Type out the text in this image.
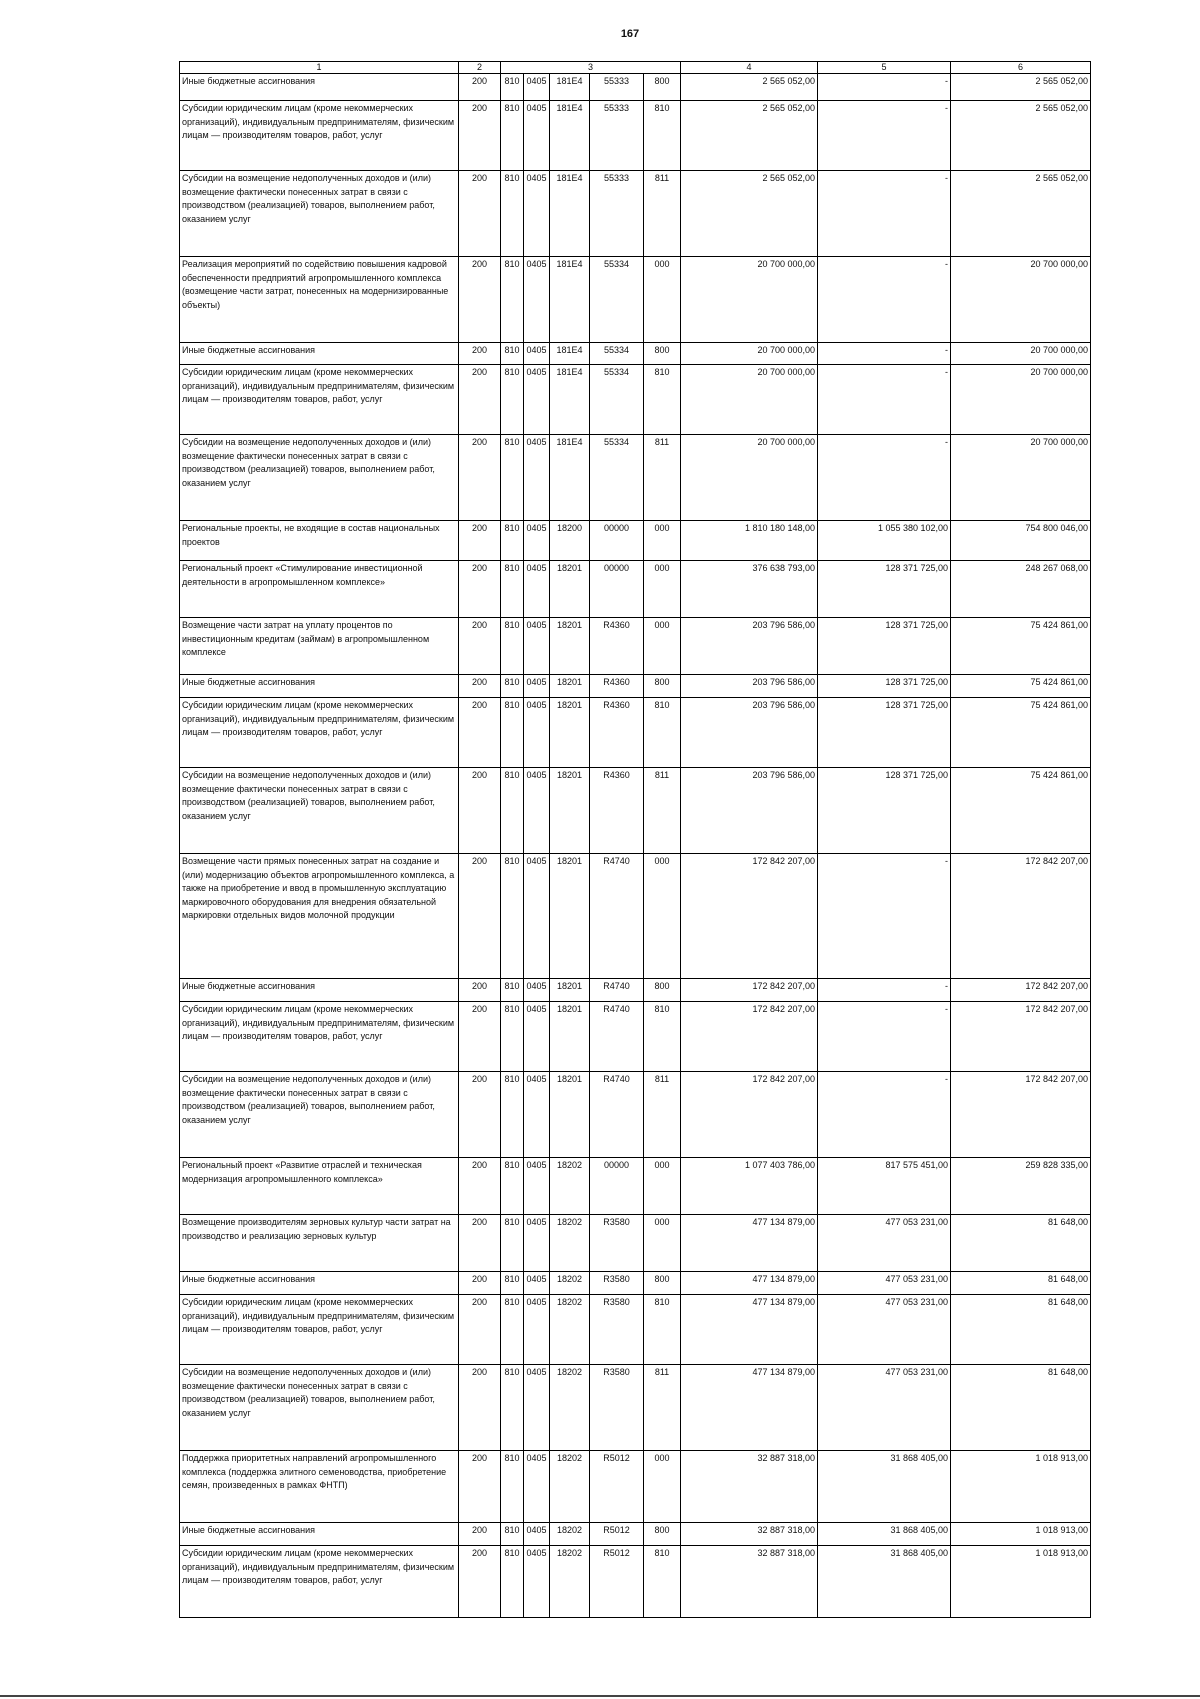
167
1	2	3					4	5	6
Иные бюджетные ассигнования	200	810	0405	181E4	55333	800	2 565 052,00	-	2 565 052,00
Субсидии юридическим лицам (кроме некоммерческих организаций), индивидуальным предпринимателям, физическим лицам — производителям товаров, работ, услуг	200	810	0405	181E4	55333	810	2 565 052,00	-	2 565 052,00
Субсидии на возмещение недополученных доходов и (или) возмещение фактически понесенных затрат в связи с производством (реализацией) товаров, выполнением работ, оказанием услуг	200	810	0405	181E4	55333	811	2 565 052,00	-	2 565 052,00
Реализация мероприятий по содействию повышения кадровой обеспеченности предприятий агропромышленного комплекса (возмещение части затрат, понесенных на модернизированные объекты)	200	810	0405	181E4	55334	000	20 700 000,00	-	20 700 000,00
Иные бюджетные ассигнования	200	810	0405	181E4	55334	800	20 700 000,00	-	20 700 000,00
Субсидии юридическим лицам (кроме некоммерческих организаций), индивидуальным предпринимателям, физическим лицам — производителям товаров, работ, услуг	200	810	0405	181E4	55334	810	20 700 000,00	-	20 700 000,00
Субсидии на возмещение недополученных доходов и (или) возмещение фактически понесенных затрат в связи с производством (реализацией) товаров, выполнением работ, оказанием услуг	200	810	0405	181E4	55334	811	20 700 000,00	-	20 700 000,00
Региональные проекты, не входящие в состав национальных проектов	200	810	0405	18200	00000	000	1 810 180 148,00	1 055 380 102,00	754 800 046,00
Региональный проект «Стимулирование инвестиционной деятельности в агропромышленном комплексе»	200	810	0405	18201	00000	000	376 638 793,00	128 371 725,00	248 267 068,00
Возмещение части затрат на уплату процентов по инвестиционным кредитам (займам) в агропромышленном комплексе	200	810	0405	18201	R4360	000	203 796 586,00	128 371 725,00	75 424 861,00
Иные бюджетные ассигнования	200	810	0405	18201	R4360	800	203 796 586,00	128 371 725,00	75 424 861,00
Субсидии юридическим лицам (кроме некоммерческих организаций), индивидуальным предпринимателям, физическим лицам — производителям товаров, работ, услуг	200	810	0405	18201	R4360	810	203 796 586,00	128 371 725,00	75 424 861,00
Субсидии на возмещение недополученных доходов и (или) возмещение фактически понесенных затрат в связи с производством (реализацией) товаров, выполнением работ, оказанием услуг	200	810	0405	18201	R4360	811	203 796 586,00	128 371 725,00	75 424 861,00
Возмещение части прямых понесенных затрат на создание и (или) модернизацию объектов агропромышленного комплекса, а также на приобретение и ввод в промышленную эксплуатацию маркировочного оборудования для внедрения обязательной маркировки отдельных видов молочной продукции	200	810	0405	18201	R4740	000	172 842 207,00	-	172 842 207,00
Иные бюджетные ассигнования	200	810	0405	18201	R4740	800	172 842 207,00	-	172 842 207,00
Субсидии юридическим лицам (кроме некоммерческих организаций), индивидуальным предпринимателям, физическим лицам — производителям товаров, работ, услуг	200	810	0405	18201	R4740	810	172 842 207,00	-	172 842 207,00
Субсидии на возмещение недополученных доходов и (или) возмещение фактически понесенных затрат в связи с производством (реализацией) товаров, выполнением работ, оказанием услуг	200	810	0405	18201	R4740	811	172 842 207,00	-	172 842 207,00
Региональный проект «Развитие отраслей и техническая модернизация агропромышленного комплекса»	200	810	0405	18202	00000	000	1 077 403 786,00	817 575 451,00	259 828 335,00
Возмещение производителям зерновых культур части затрат на производство и реализацию зерновых культур	200	810	0405	18202	R3580	000	477 134 879,00	477 053 231,00	81 648,00
Иные бюджетные ассигнования	200	810	0405	18202	R3580	800	477 134 879,00	477 053 231,00	81 648,00
Субсидии юридическим лицам (кроме некоммерческих организаций), индивидуальным предпринимателям, физическим лицам — производителям товаров, работ, услуг	200	810	0405	18202	R3580	810	477 134 879,00	477 053 231,00	81 648,00
Субсидии на возмещение недополученных доходов и (или) возмещение фактически понесенных затрат в связи с производством (реализацией) товаров, выполнением работ, оказанием услуг	200	810	0405	18202	R3580	811	477 134 879,00	477 053 231,00	81 648,00
Поддержка приоритетных направлений агропромышленного комплекса (поддержка элитного семеноводства, приобретение семян, произведенных в рамках ФНТП)	200	810	0405	18202	R5012	000	32 887 318,00	31 868 405,00	1 018 913,00
Иные бюджетные ассигнования	200	810	0405	18202	R5012	800	32 887 318,00	31 868 405,00	1 018 913,00
Субсидии юридическим лицам (кроме некоммерческих организаций), индивидуальным предпринимателям, физическим лицам — производителям товаров, работ, услуг	200	810	0405	18202	R5012	810	32 887 318,00	31 868 405,00	1 018 913,00
